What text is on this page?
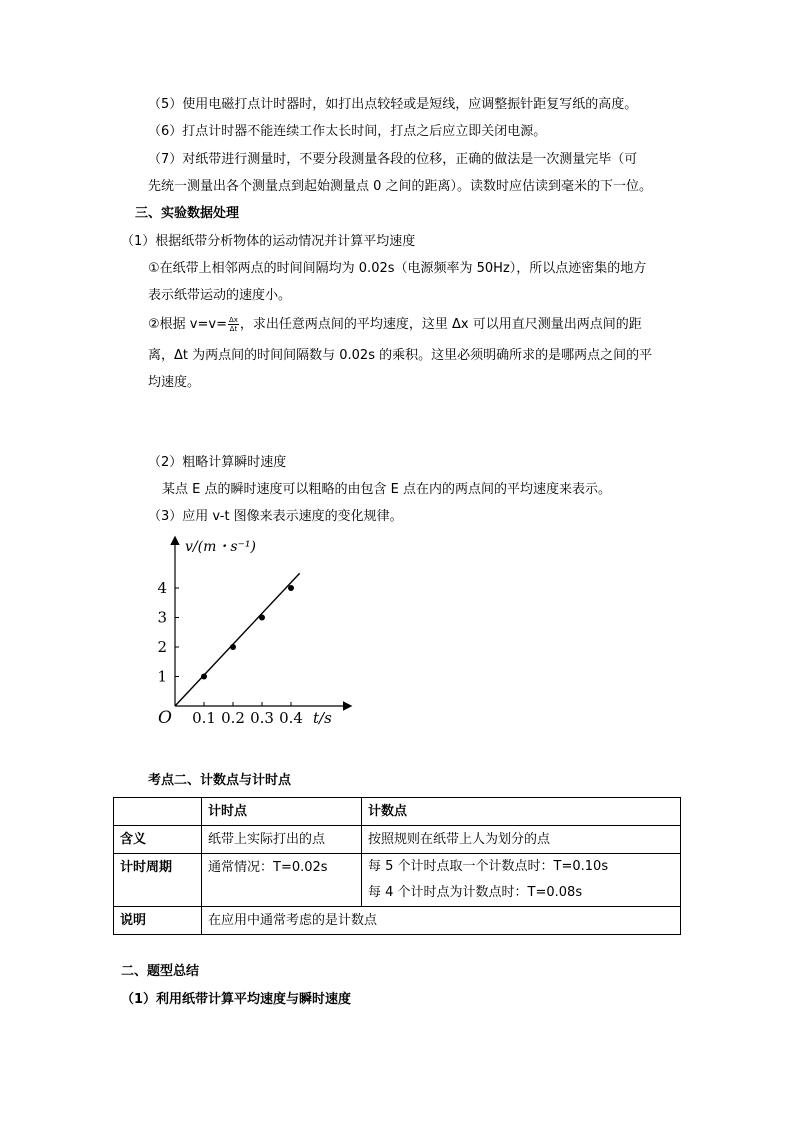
（5）使用电磁打点计时器时，如打出点较轻或是短线，应调整振针距复写纸的高度。
（6）打点计时器不能连续工作太长时间，打点之后应立即关闭电源。
（7）对纸带进行测量时，不要分段测量各段的位移，正确的做法是一次测量完毕（可
先统一测量出各个测量点到起始测量点 0 之间的距离）。读数时应估读到毫米的下一位。
三、实验数据处理
（1）根据纸带分析物体的运动情况并计算平均速度
①在纸带上相邻两点的时间间隔均为 0.02s（电源频率为 50Hz），所以点迹密集的地方
表示纸带运动的速度小。
②根据 $v=v= \frac{\Delta x}{\Delta t}$ ，求出任意两点间的平均速度，这里 Δx 可以用直尺测量出两点间的距
离，Δt 为两点间的时间间隔数与 0.02s 的乘积。这里必须明确所求的是哪两点之间的平
均速度。
（2）粗略计算瞬时速度
某点 E 点的瞬时速度可以粗略的由包含 E 点在内的两点间的平均速度来表示。
（3）应用 v-t 图像来表示速度的变化规律。
v/(m・s⁻¹)
t/s
O 0.1 0.2 0.3 0.4
1
2
3
4
考点二、计数点与计时点
	计时点	计数点
含义	纸带上实际打出的点	按照规则在纸带上人为划分的点
计时周期	通常情况：T=0.02s	每 5 个计时点取一个计数点时：T=0.10s
每 4 个计时点为计数点时：T=0.08s

说明	在应用中通常考虑的是计数点	
二、题型总结
（1）利用纸带计算平均速度与瞬时速度
